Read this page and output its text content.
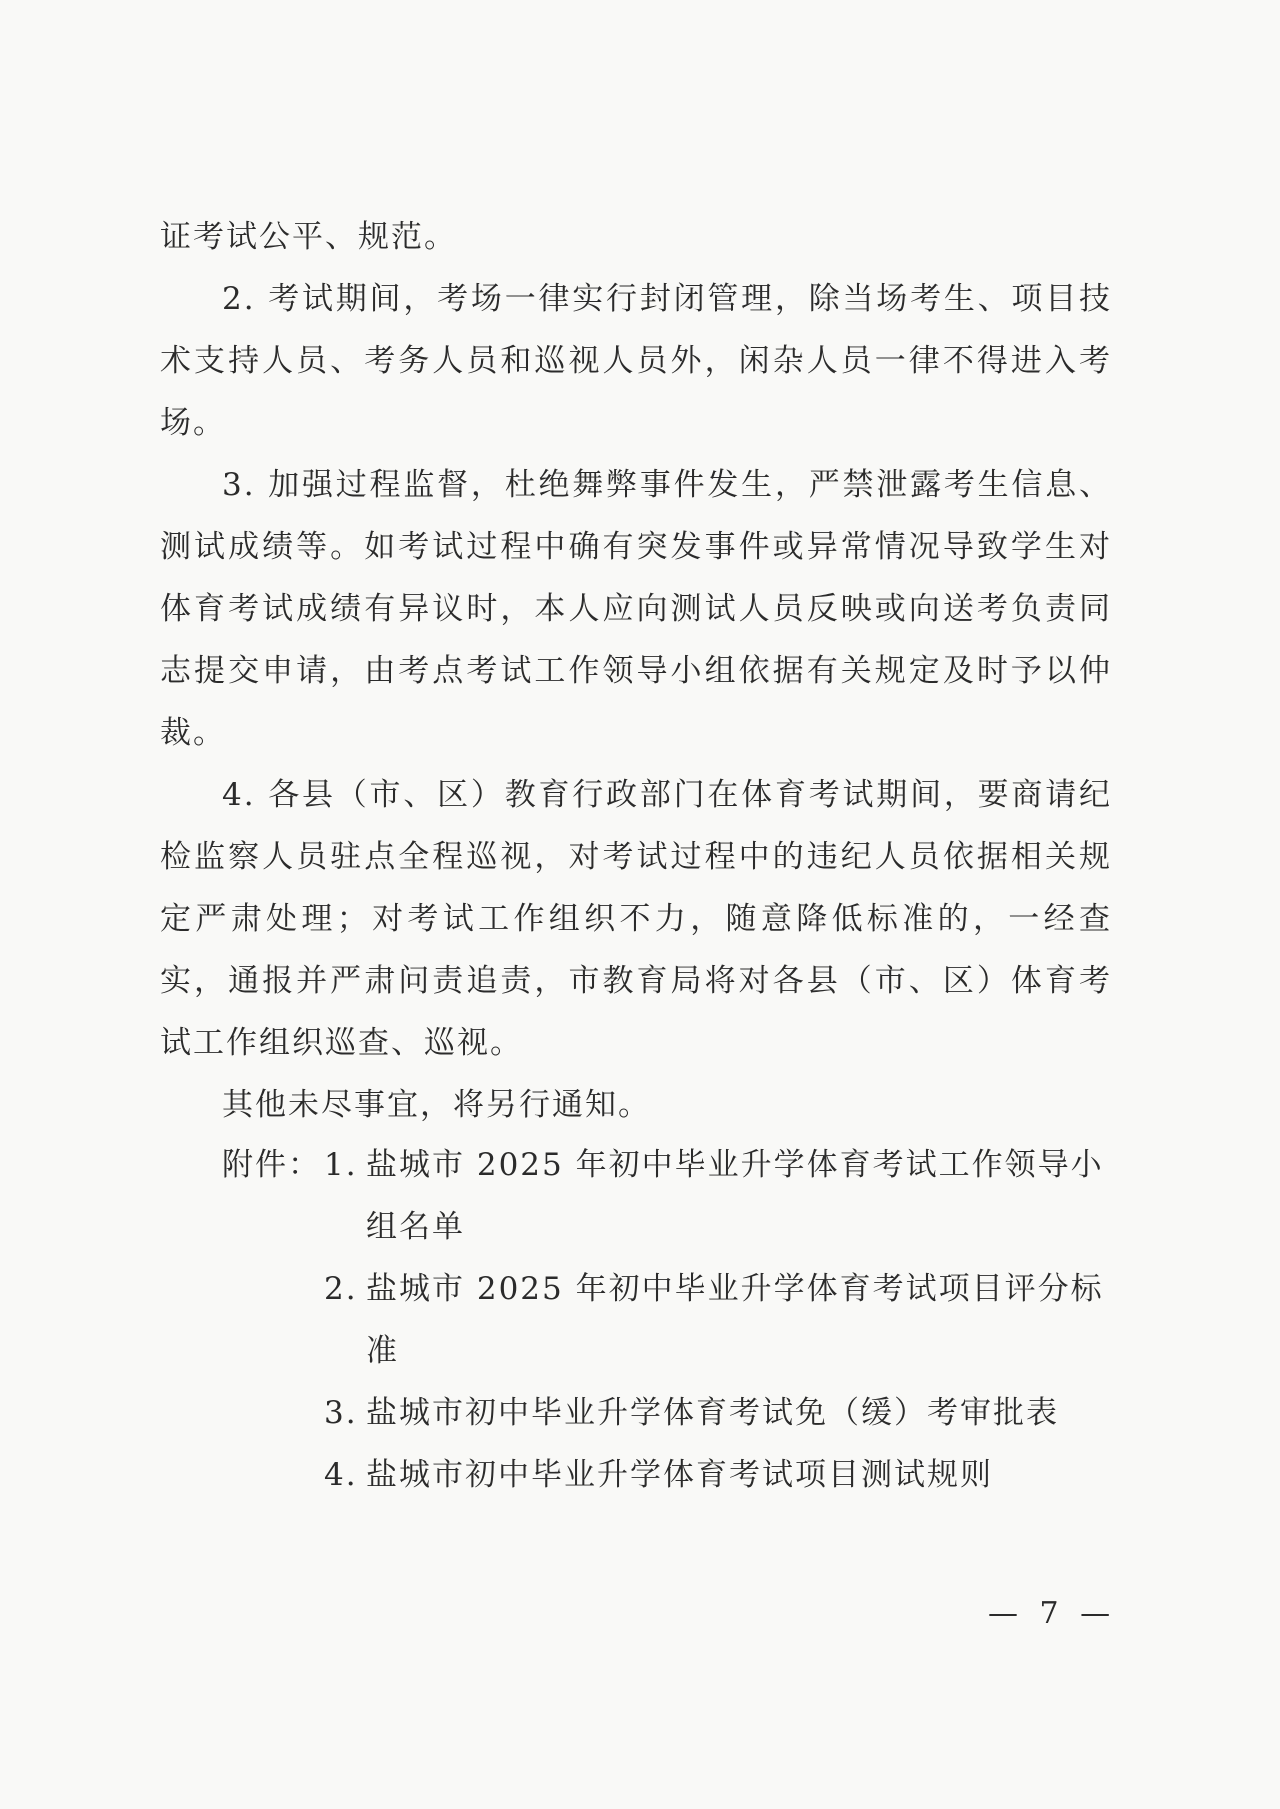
证考试公平、规范。

2. 考试期间，考场一律实行封闭管理，除当场考生、项目技术支持人员、考务人员和巡视人员外，闲杂人员一律不得进入考场。

3. 加强过程监督，杜绝舞弊事件发生，严禁泄露考生信息、测试成绩等。如考试过程中确有突发事件或异常情况导致学生对体育考试成绩有异议时，本人应向测试人员反映或向送考负责同志提交申请，由考点考试工作领导小组依据有关规定及时予以仲裁。

4. 各县（市、区）教育行政部门在体育考试期间，要商请纪检监察人员驻点全程巡视，对考试过程中的违纪人员依据相关规定严肃处理；对考试工作组织不力，随意降低标准的，一经查实，通报并严肃问责追责，市教育局将对各县（市、区）体育考试工作组织巡查、巡视。

其他未尽事宜，将另行通知。

附件： 1. 盐城市 2025 年初中毕业升学体育考试工作领导小组名单
2. 盐城市 2025 年初中毕业升学体育考试项目评分标准
3. 盐城市初中毕业升学体育考试免（缓）考审批表
4. 盐城市初中毕业升学体育考试项目测试规则
— 7 —
